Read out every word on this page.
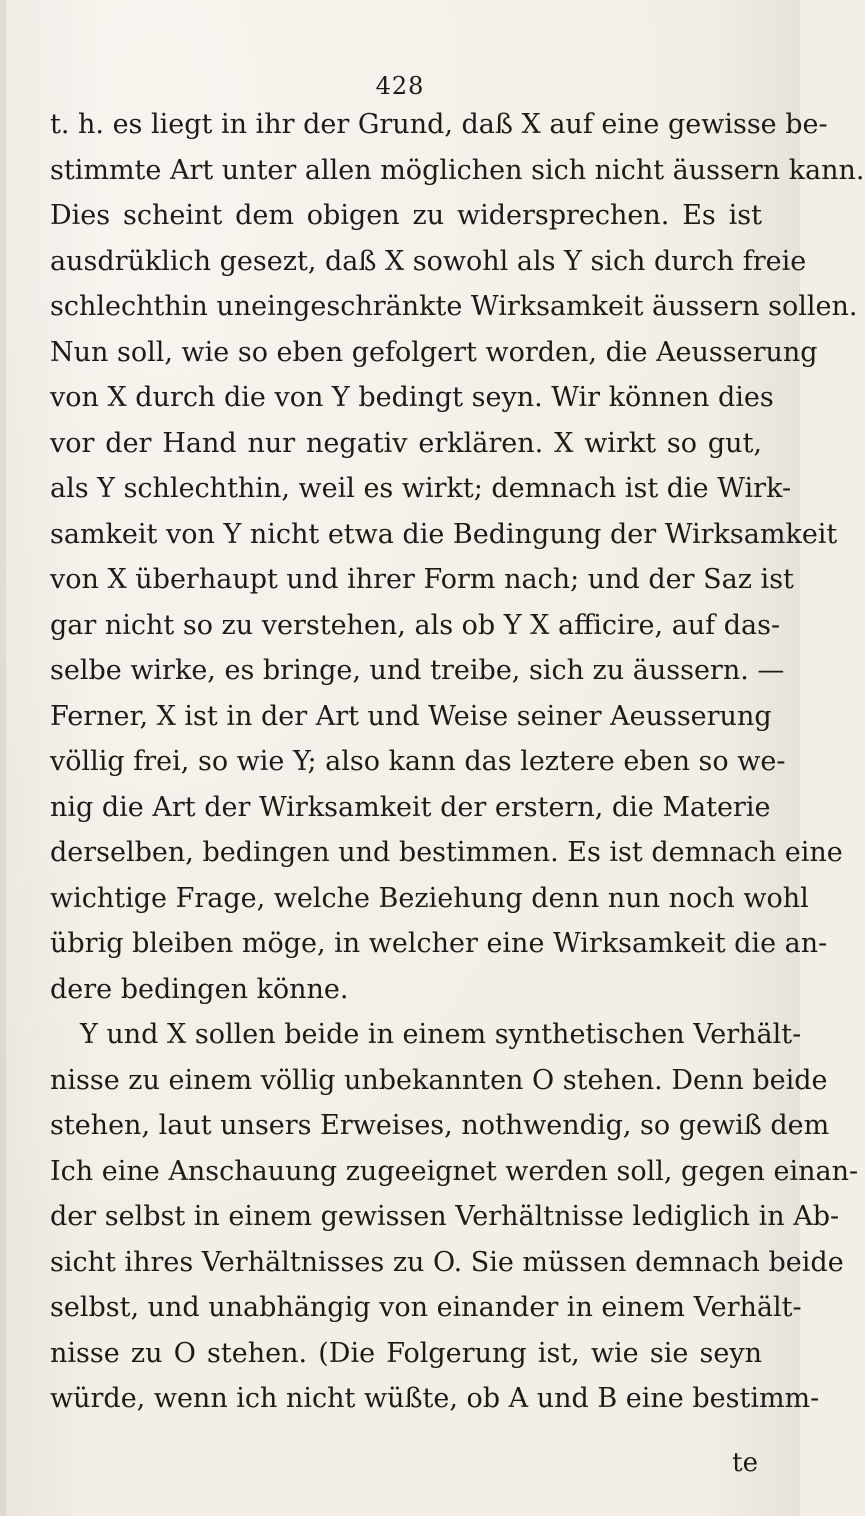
428
t. h. es liegt in ihr der Grund, daß X auf eine gewisse be-
stimmte Art unter allen möglichen sich nicht äussern kann.
Dies scheint dem obigen zu widersprechen. Es ist
ausdrüklich gesezt, daß X sowohl als Y sich durch freie
schlechthin uneingeschränkte Wirksamkeit äussern sollen.
Nun soll, wie so eben gefolgert worden, die Aeusserung
von X durch die von Y bedingt seyn. Wir können dies
vor der Hand nur negativ erklären. X wirkt so gut,
als Y schlechthin, weil es wirkt; demnach ist die Wirk-
samkeit von Y nicht etwa die Bedingung der Wirksamkeit
von X überhaupt und ihrer Form nach; und der Saz ist
gar nicht so zu verstehen, als ob Y X afficire, auf das-
selbe wirke, es bringe, und treibe, sich zu äussern. —
Ferner, X ist in der Art und Weise seiner Aeusserung
völlig frei, so wie Y; also kann das leztere eben so we-
nig die Art der Wirksamkeit der erstern, die Materie
derselben, bedingen und bestimmen. Es ist demnach eine
wichtige Frage, welche Beziehung denn nun noch wohl
übrig bleiben möge, in welcher eine Wirksamkeit die an-
dere bedingen könne.
Y und X sollen beide in einem synthetischen Verhält-
nisse zu einem völlig unbekannten O stehen. Denn beide
stehen, laut unsers Erweises, nothwendig, so gewiß dem
Ich eine Anschauung zugeeignet werden soll, gegen einan-
der selbst in einem gewissen Verhältnisse lediglich in Ab-
sicht ihres Verhältnisses zu O. Sie müssen demnach beide
selbst, und unabhängig von einander in einem Verhält-
nisse zu O stehen. (Die Folgerung ist, wie sie seyn
würde, wenn ich nicht wüßte, ob A und B eine bestimm-
te
